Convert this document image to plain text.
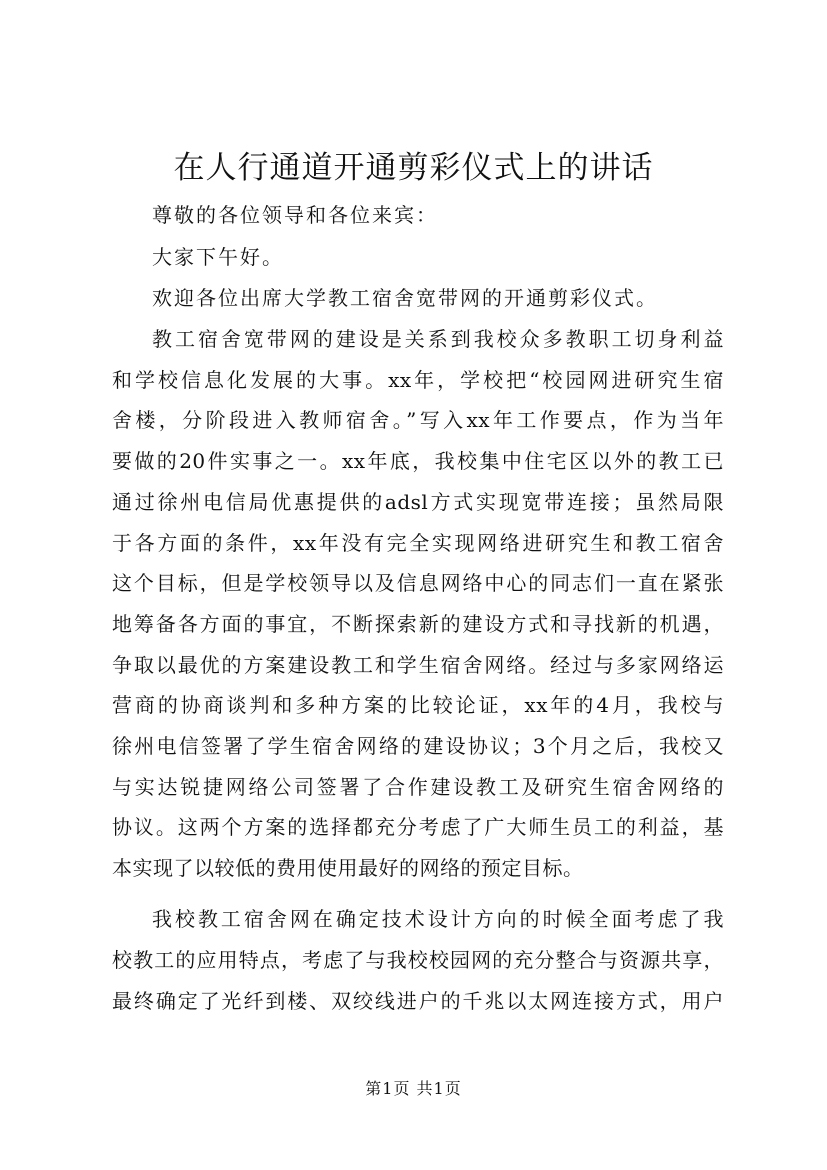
在人行通道开通剪彩仪式上的讲话
尊敬的各位领导和各位来宾：
大家下午好。
欢迎各位出席大学教工宿舍宽带网的开通剪彩仪式。
教工宿舍宽带网的建设是关系到我校众多教职工切身利益
和学校信息化发展的大事。xx年，学校把“校园网进研究生宿
舍楼，分阶段进入教师宿舍。”写入xx年工作要点，作为当年
要做的20件实事之一。xx年底，我校集中住宅区以外的教工已
通过徐州电信局优惠提供的adsl方式实现宽带连接；虽然局限
于各方面的条件，xx年没有完全实现网络进研究生和教工宿舍
这个目标，但是学校领导以及信息网络中心的同志们一直在紧张
地筹备各方面的事宜，不断探索新的建设方式和寻找新的机遇，
争取以最优的方案建设教工和学生宿舍网络。经过与多家网络运
营商的协商谈判和多种方案的比较论证，xx年的4月，我校与
徐州电信签署了学生宿舍网络的建设协议；3个月之后，我校又
与实达锐捷网络公司签署了合作建设教工及研究生宿舍网络的
协议。这两个方案的选择都充分考虑了广大师生员工的利益，基
本实现了以较低的费用使用最好的网络的预定目标。
我校教工宿舍网在确定技术设计方向的时候全面考虑了我
校教工的应用特点，考虑了与我校校园网的充分整合与资源共享，
最终确定了光纤到楼、双绞线进户的千兆以太网连接方式，用户
第1页 共1页
